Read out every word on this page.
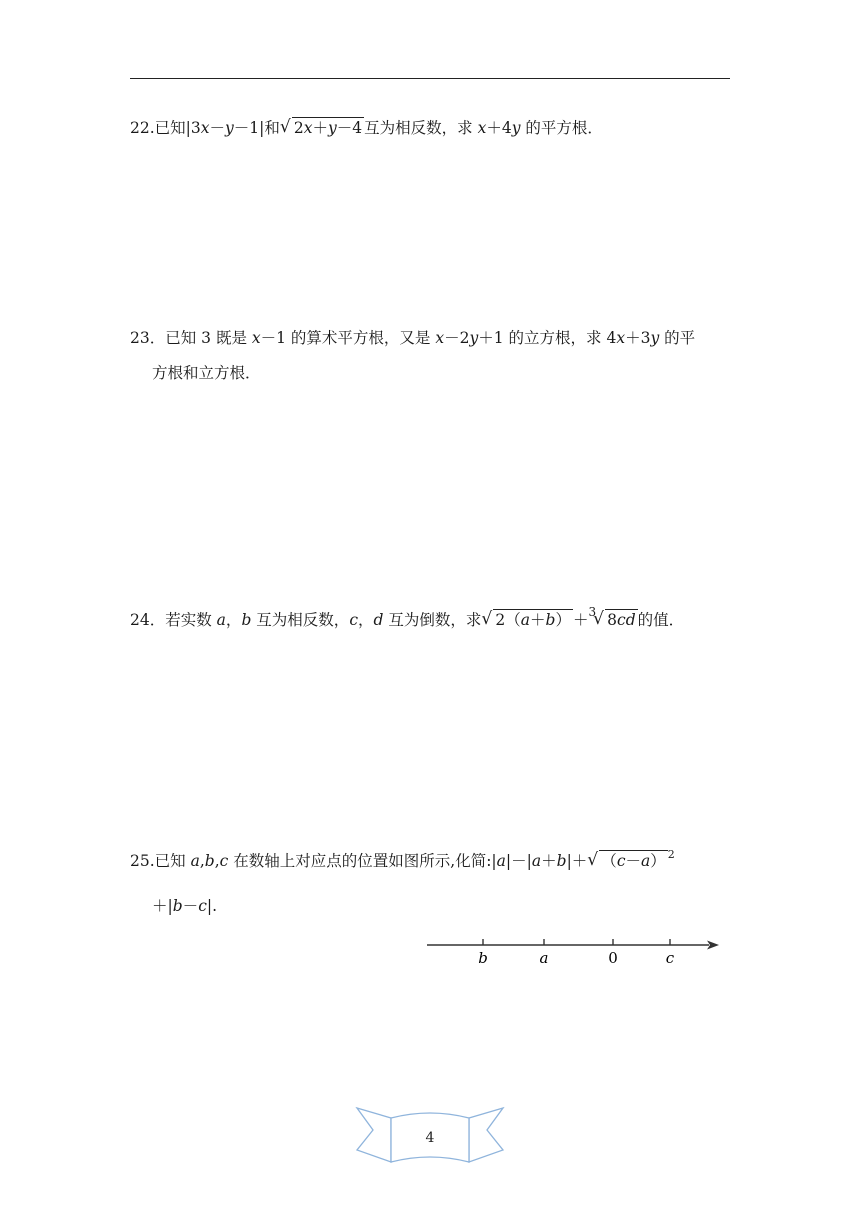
22.已知|3x－y－1|和 √ 2x＋y－4 互为相反数，求 x＋4y 的平方根．
23．已知 3 既是 x－1 的算术平方根，又是 x－2y＋1 的立方根，求 4x＋3y 的平
方根和立方根．
24．若实数 a，b 互为相反数，c，d 互为倒数，求 √ 2（a＋b） ＋$^3$
√ 8cd 的值．
25.已知 a,b,c 在数轴上对应点的位置如图所示,化简:|a|－|a＋b|＋ √ （c－a） $^2$
＋|b－c|.
b	a	0	c
4
